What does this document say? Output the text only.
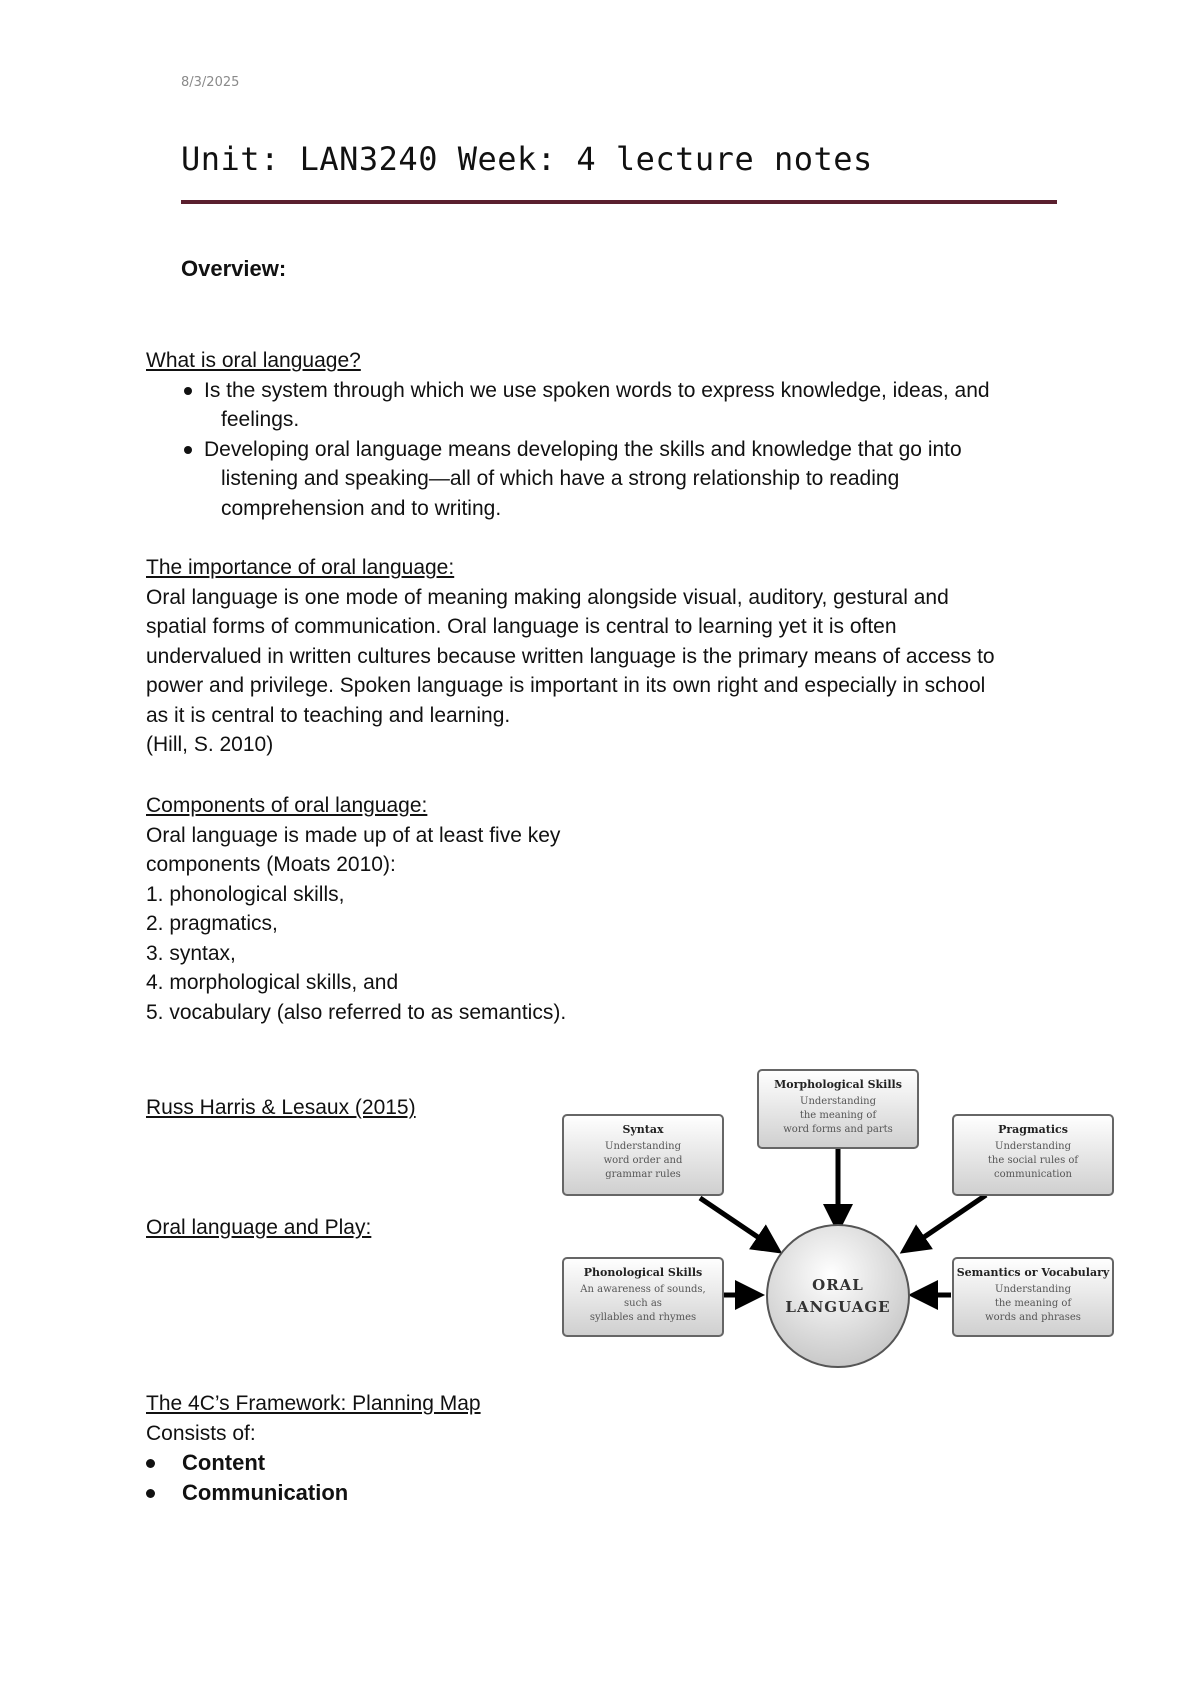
8/3/2025
Unit: LAN3240 Week: 4 lecture notes
Overview:
What is oral language?
Is the system through which we use spoken words to express knowledge, ideas, and
feelings.
Developing oral language means developing the skills and knowledge that go into
listening and speaking—all of which have a strong relationship to reading
comprehension and to writing.
The importance of oral language:
Oral language is one mode of meaning making alongside visual, auditory, gestural and
spatial forms of communication. Oral language is central to learning yet it is often
undervalued in written cultures because written language is the primary means of access to
power and privilege. Spoken language is important in its own right and especially in school
as it is central to teaching and learning.
(Hill, S. 2010)
Components of oral language:
Oral language is made up of at least five key
components (Moats 2010):
1. phonological skills,
2. pragmatics,
3. syntax,
4. morphological skills, and
5. vocabulary (also referred to as semantics).
Russ Harris & Lesaux (2015)
Oral language and Play:
ORAL
LANGUAGE
Morphological Skills
Understanding
the meaning of
word forms and parts
Syntax
Understanding
word order and
grammar rules
Pragmatics
Understanding
the social rules of
communication
Phonological Skills
An awareness of sounds,
such as
syllables and rhymes
Semantics or Vocabulary
Understanding
the meaning of
words and phrases
The 4C’s Framework: Planning Map
Consists of:
Content
Communication
